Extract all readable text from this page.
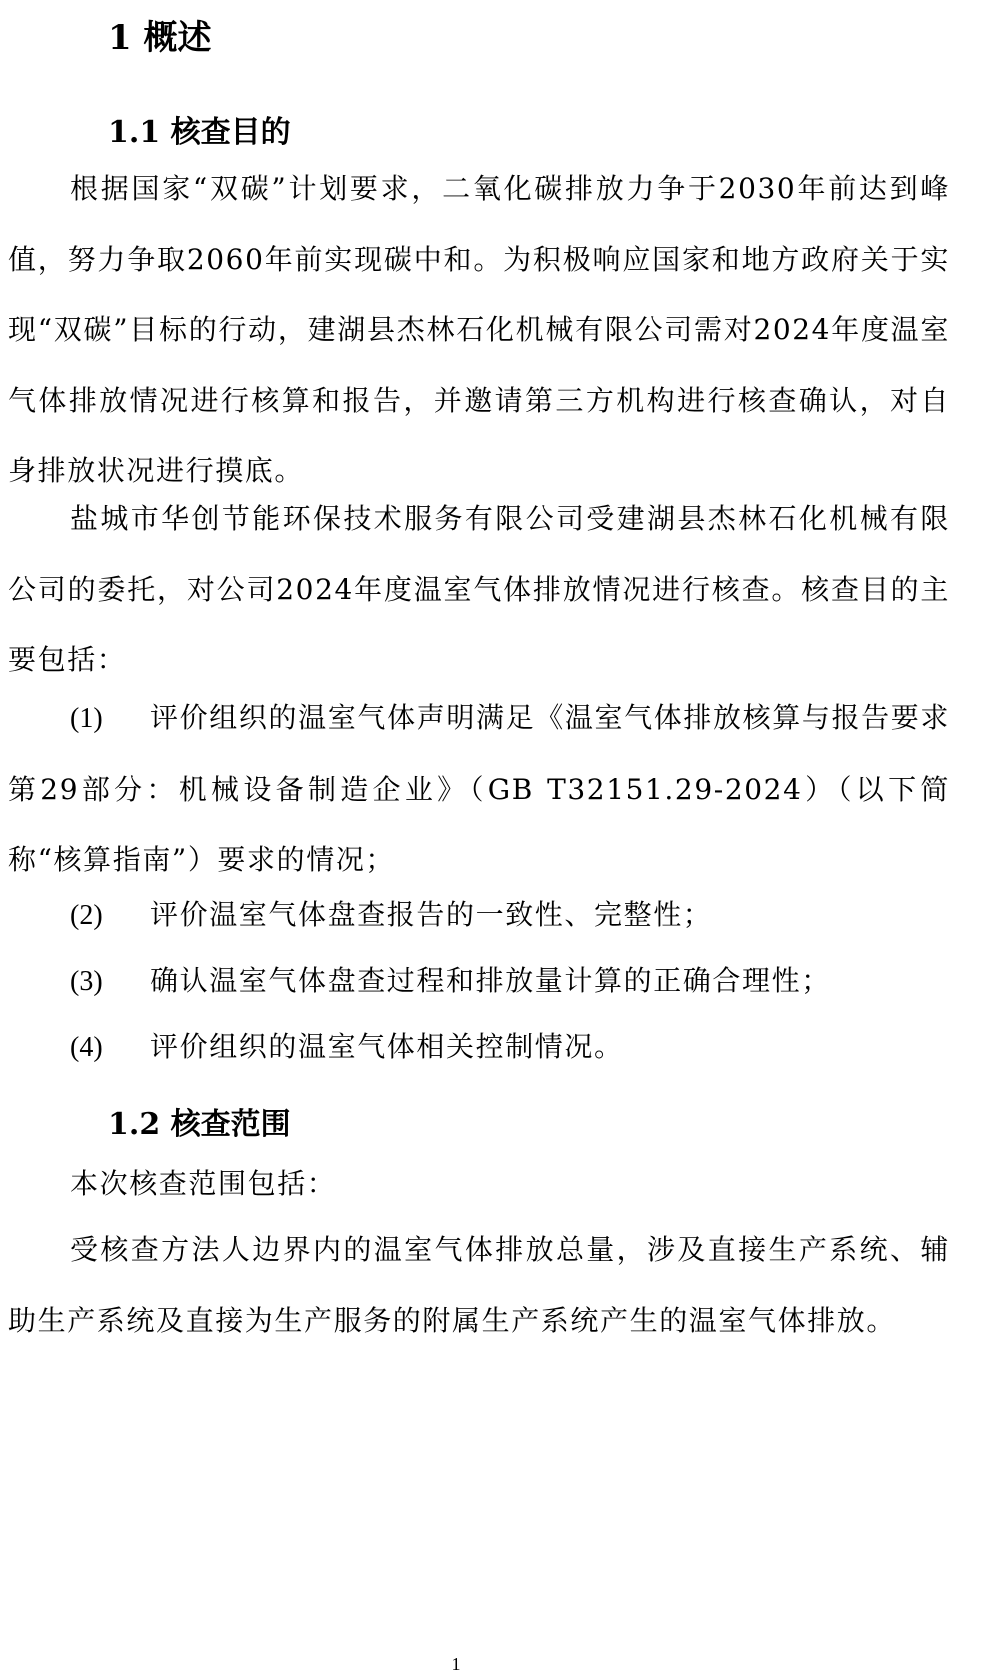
1 概述
1.1 核查目的

根据国家“双碳”计划要求，二氧化碳排放力争于2030年前达到峰值，努力争取2060年前实现碳中和。为积极响应国家和地方政府关于实现“双碳”目标的行动，建湖县杰林石化机械有限公司需对2024年度温室气体排放情况进行核算和报告，并邀请第三方机构进行核查确认，对自身排放状况进行摸底。

盐城市华创节能环保技术服务有限公司受建湖县杰林石化机械有限公司的委托，对公司2024年度温室气体排放情况进行核查。核查目的主要包括：

(1) 评价组织的温室气体声明满足《温室气体排放核算与报告要求第29部分：机械设备制造企业》（GB T32151.29-2024）（以下简称“核算指南”）要求的情况；

(2) 评价温室气体盘查报告的一致性、完整性；

(3) 确认温室气体盘查过程和排放量计算的正确合理性；

(4) 评价组织的温室气体相关控制情况。

1.2 核查范围

本次核查范围包括：

受核查方法人边界内的温室气体排放总量，涉及直接生产系统、辅助生产系统及直接为生产服务的附属生产系统产生的温室气体排放。

1
